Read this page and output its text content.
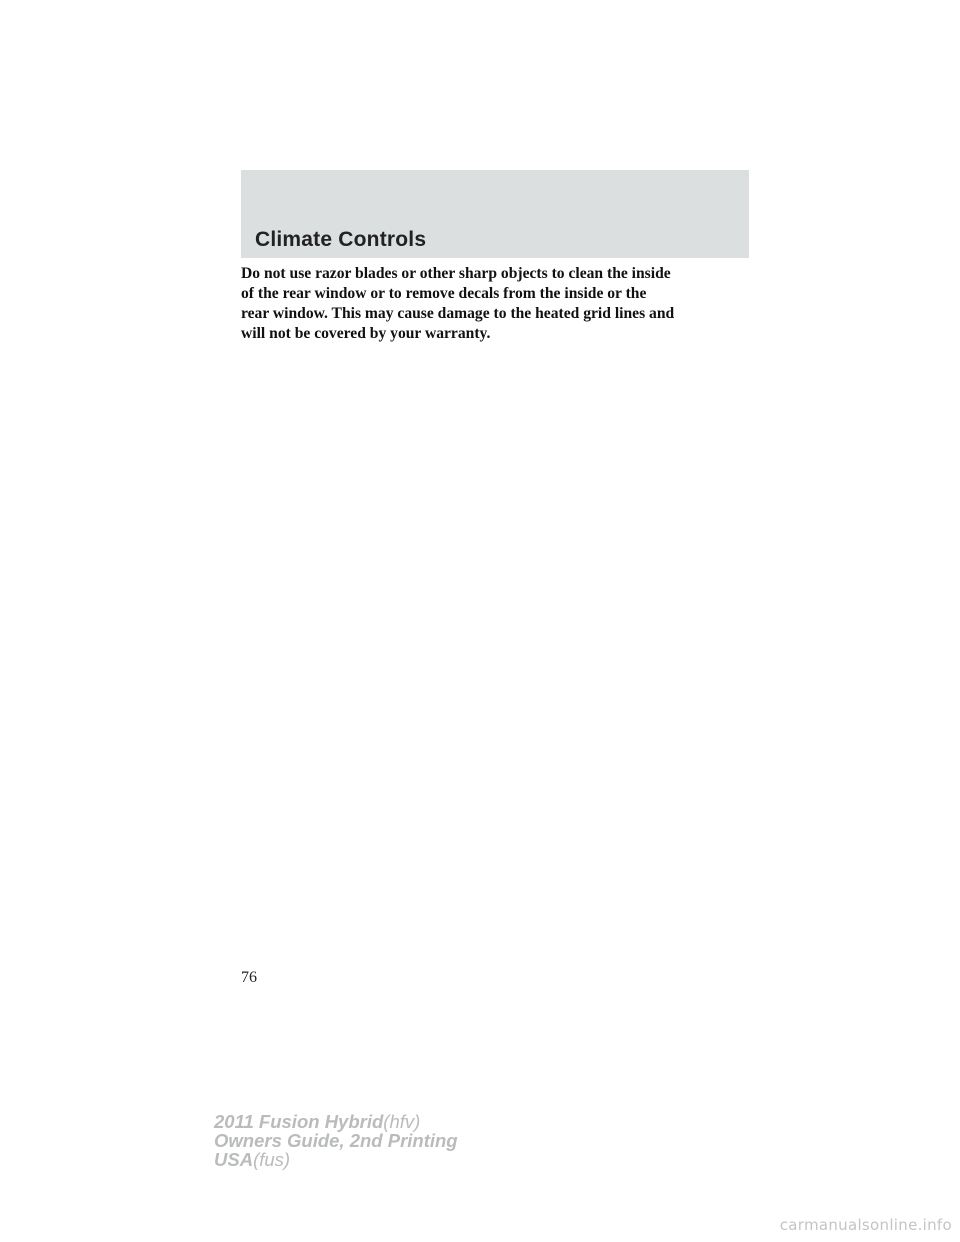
Climate Controls

Do not use razor blades or other sharp objects to clean the inside
of the rear window or to remove decals from the inside or the
rear window. This may cause damage to the heated grid lines and
will not be covered by your warranty.

76

2011 Fusion Hybrid(hfv)
Owners Guide, 2nd Printing
USA(fus)
carmanualsonline.info
